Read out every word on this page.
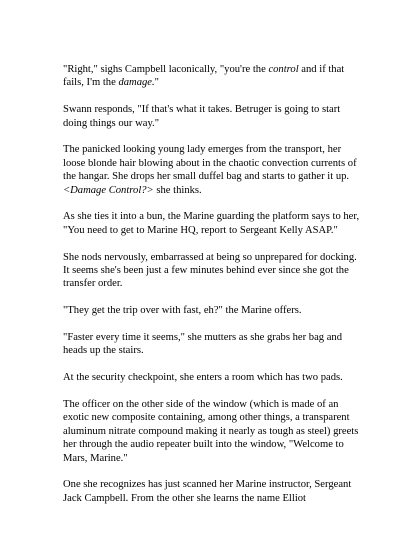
"Right," sighs Campbell laconically, "you're the control and if that fails, I'm the damage."

Swann responds, "If that's what it takes. Betruger is going to start doing things our way."

The panicked looking young lady emerges from the transport, her loose blonde hair blowing about in the chaotic convection currents of the hangar. She drops her small duffel bag and starts to gather it up. <Damage Control?> she thinks.

As she ties it into a bun, the Marine guarding the platform says to her, "You need to get to Marine HQ, report to Sergeant Kelly ASAP."

She nods nervously, embarrassed at being so unprepared for docking. It seems she's been just a few minutes behind ever since she got the transfer order.

"They get the trip over with fast, eh?" the Marine offers.

"Faster every time it seems," she mutters as she grabs her bag and heads up the stairs.

At the security checkpoint, she enters a room which has two pads.

The officer on the other side of the window (which is made of an exotic new composite containing, among other things, a transparent aluminum nitrate compound making it nearly as tough as steel) greets her through the audio repeater built into the window, "Welcome to Mars, Marine."

One she recognizes has just scanned her Marine instructor, Sergeant Jack Campbell. From the other she learns the name Elliot
